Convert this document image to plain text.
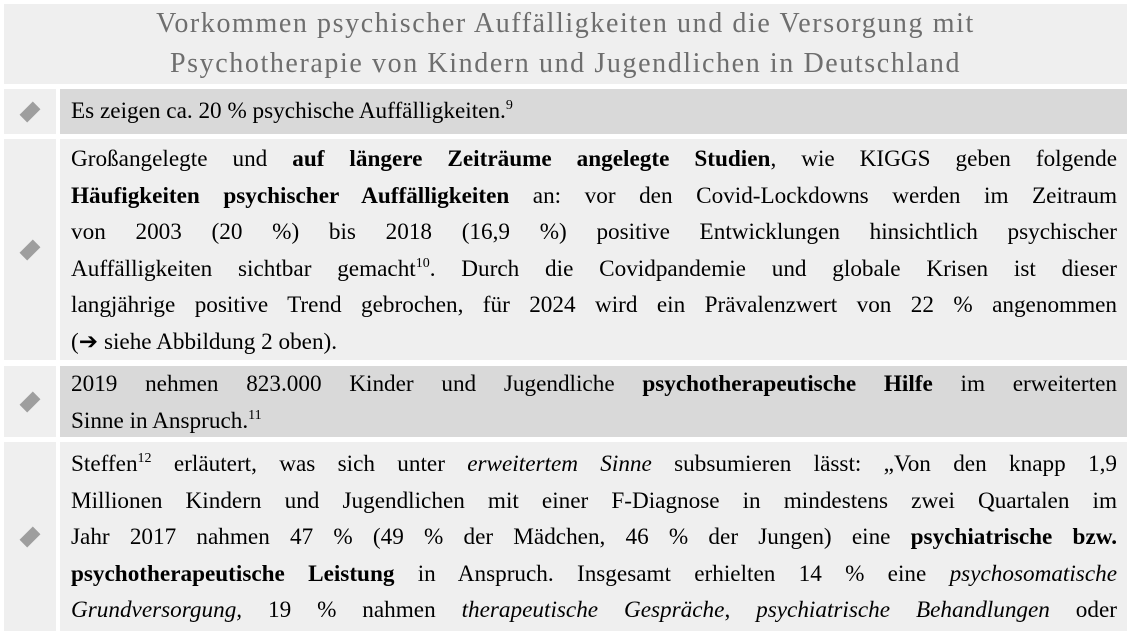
Vorkommen psychischer Auffälligkeiten und die Versorgung mit
Psychotherapie von Kindern und Jugendlichen in Deutschland
Es zeigen ca. 20 % psychische Auffälligkeiten.$^9$
Großangelegte und auf längere Zeiträume angelegte Studien, wie KIGGS geben folgende
Häufigkeiten psychischer Auffälligkeiten an: vor den Covid-Lockdowns werden im Zeitraum
von 2003 (20 %) bis 2018 (16,9 %) positive Entwicklungen hinsichtlich psychischer
Auffälligkeiten sichtbar gemacht$^{10}$. Durch die Covidpandemie und globale Krisen ist dieser
langjährige positive Trend gebrochen, für 2024 wird ein Prävalenzwert von 22 % angenommen
(➔ siehe Abbildung 2 oben).
2019 nehmen 823.000 Kinder und Jugendliche psychotherapeutische Hilfe im erweiterten
Sinne in Anspruch.$^{11}$
Steffen$^{12}$ erläutert, was sich unter erweitertem Sinne subsumieren lässt: „Von den knapp 1,9
Millionen Kindern und Jugendlichen mit einer F-Diagnose in mindestens zwei Quartalen im
Jahr 2017 nahmen 47 % (49 % der Mädchen, 46 % der Jungen) eine psychiatrische bzw.
psychotherapeutische Leistung in Anspruch. Insgesamt erhielten 14 % eine psychosomatische
Grundversorgung, 19 % nahmen therapeutische Gespräche, psychiatrische Behandlungen oder
